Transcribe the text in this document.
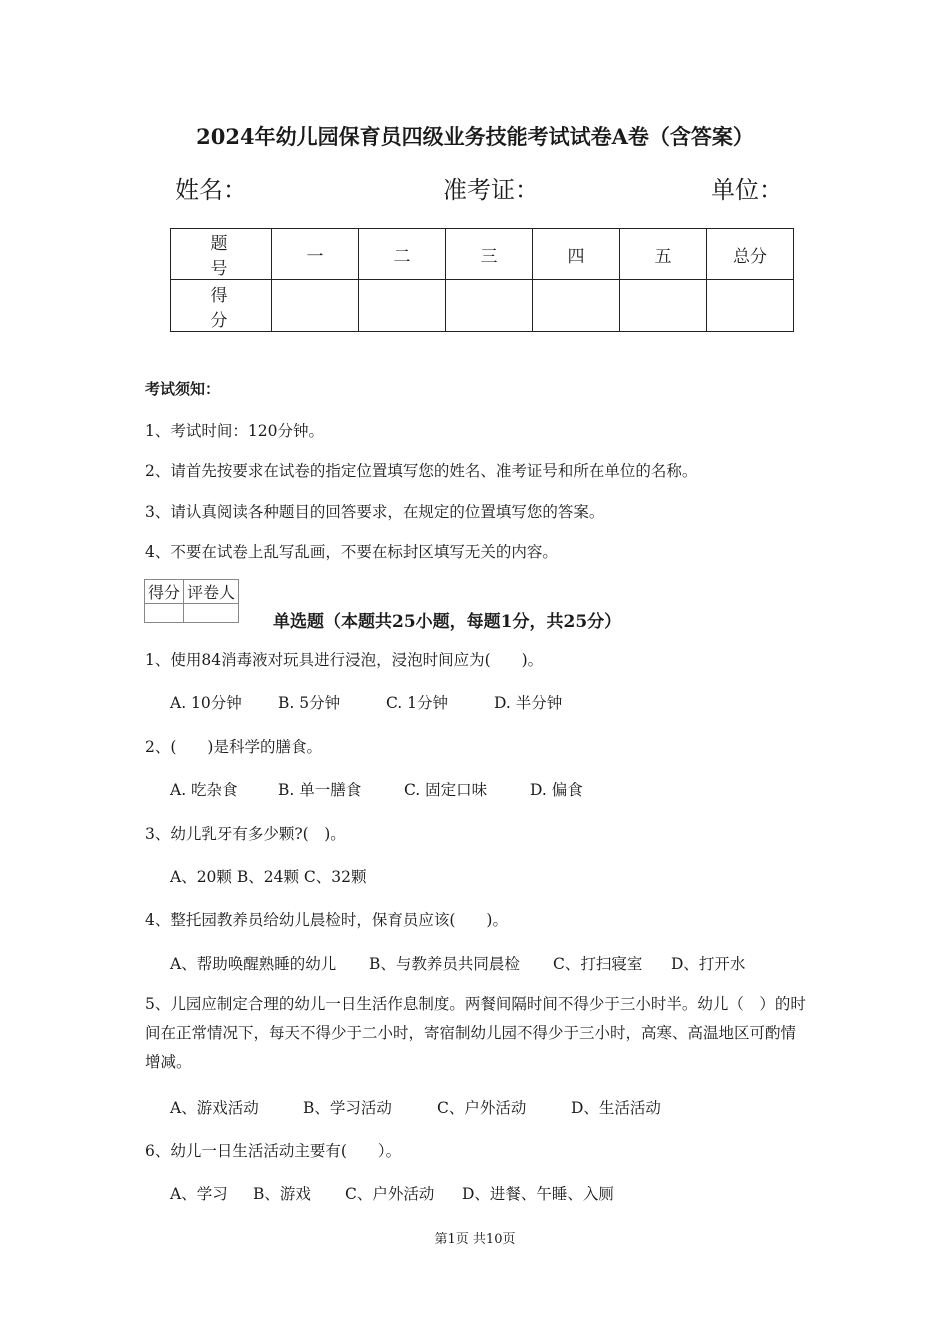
2024年幼儿园保育员四级业务技能考试试卷A卷（含答案）
姓名：	准考证：	单位：
题 号	一	二	三	四	五	总分
得 分						
考试须知：
1、考试时间：120分钟。
2、请首先按要求在试卷的指定位置填写您的姓名、准考证号和所在单位的名称。
3、请认真阅读各种题目的回答要求，在规定的位置填写您的答案。
4、不要在试卷上乱写乱画，不要在标封区填写无关的内容。
得分	评卷人

单选题（本题共25小题，每题1分，共25分）
1、使用84消毒液对玩具进行浸泡，浸泡时间应为(　　)。
A. 10分钟 B. 5分钟	C. 1分钟	D. 半分钟
2、(　　)是科学的膳食。
A. 吃杂食	B. 单一膳食	C. 固定口味	D. 偏食
3、幼儿乳牙有多少颗?(　)。
A、20颗 B、24颗 C、32颗
4、整托园教养员给幼儿晨检时，保育员应该(　　)。
A、帮助唤醒熟睡的幼儿 B、与教养员共同晨检 C、打扫寝室 D、打开水
5、儿园应制定合理的幼儿一日生活作息制度。两餐间隔时间不得少于三小时半。幼儿（　）的时间在正常情况下，每天不得少于二小时，寄宿制幼儿园不得少于三小时，高寒、高温地区可酌情增减。
A、游戏活动	B、学习活动	C、户外活动	D、生活活动
6、幼儿一日生活活动主要有(　　）。
A、学习 B、游戏 C、户外活动 D、进餐、午睡、入厕
第1页 共10页
